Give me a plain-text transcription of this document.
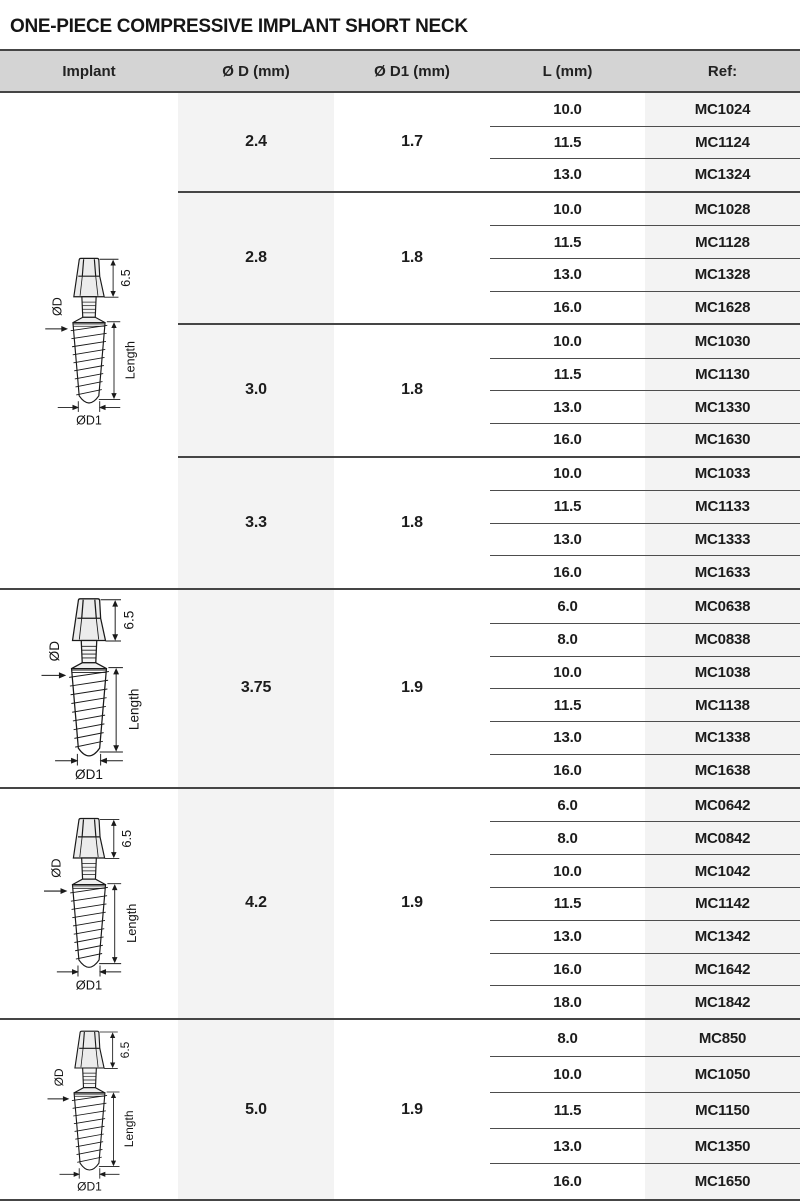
ONE-PIECE COMPRESSIVE IMPLANT SHORT NECK
Implant	Ø D (mm)	Ø D1 (mm)	L (mm)	Ref:
2.4	1.7
10.0	MC1024
11.5	MC1124
13.0	MC1324
2.8	1.8
10.0	MC1028
11.5	MC1128
13.0	MC1328
16.0	MC1628
3.0	1.8
10.0	MC1030
11.5	MC1130
13.0	MC1330
16.0	MC1630
3.3	1.8
10.0	MC1033
11.5	MC1133
13.0	MC1333
16.0	MC1633
3.75	1.9
6.0	MC0638
8.0	MC0838
10.0	MC1038
11.5	MC1138
13.0	MC1338
16.0	MC1638
4.2	1.9
6.0	MC0642
8.0	MC0842
10.0	MC1042
11.5	MC1142
13.0	MC1342
16.0	MC1642
18.0	MC1842
5.0	1.9
8.0	MC850
10.0	MC1050
11.5	MC1150
13.0	MC1350
16.0	MC1650
